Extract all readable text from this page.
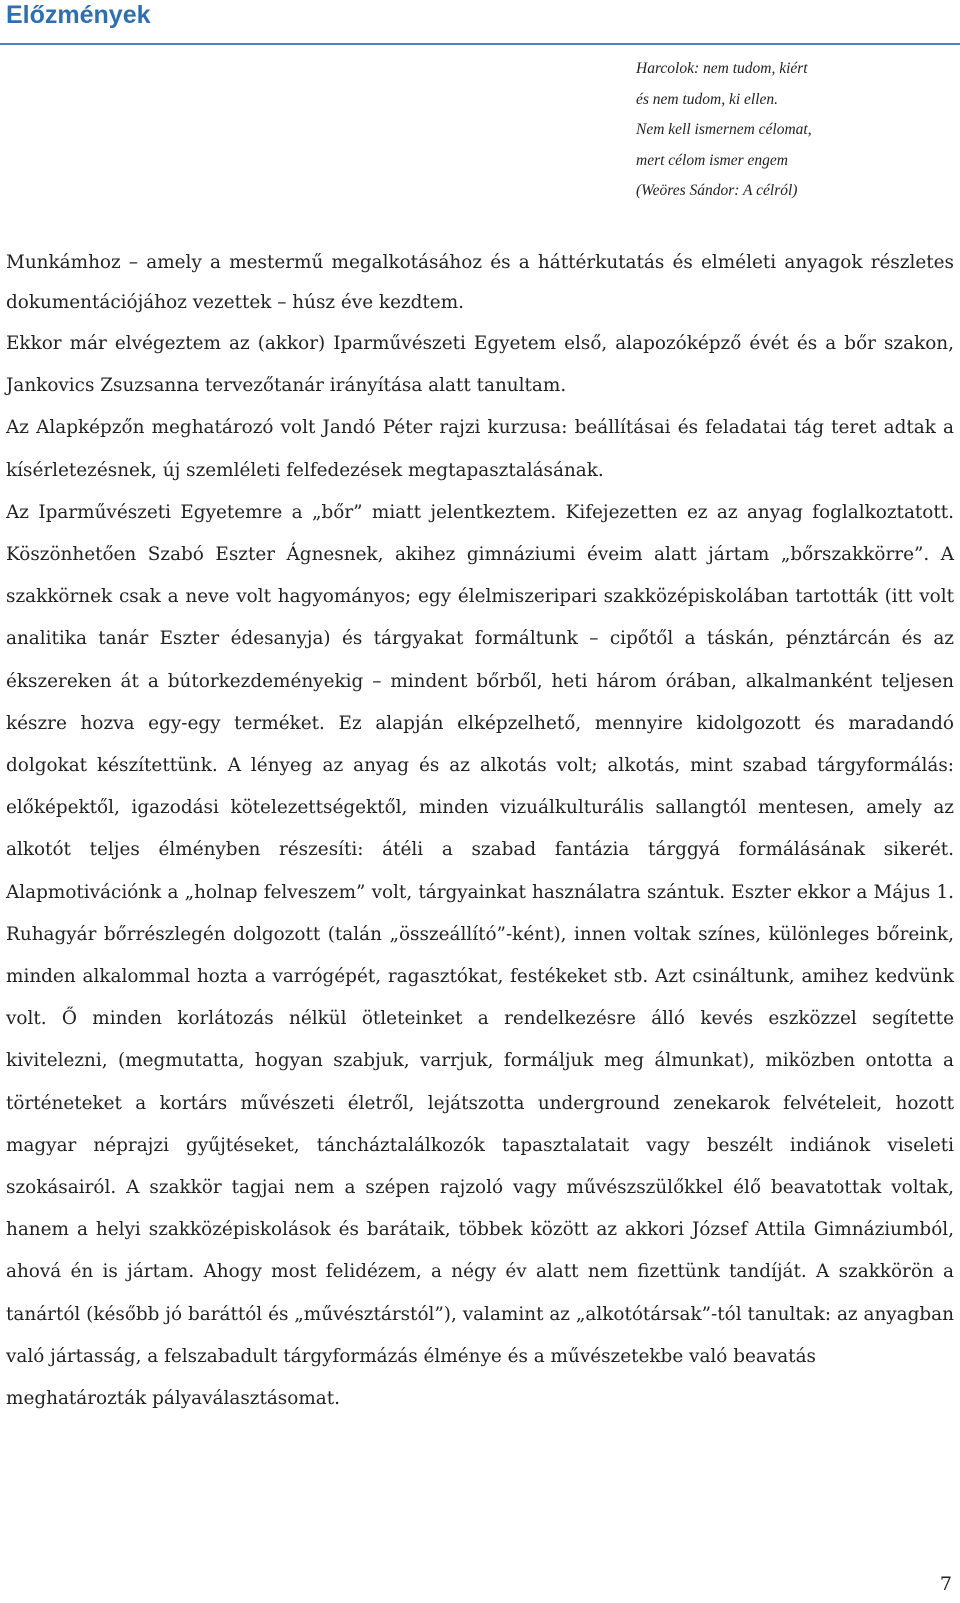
Előzmények
Harcolok: nem tudom, kiért
és nem tudom, ki ellen.
Nem kell ismernem célomat,
mert célom ismer engem
(Weöres Sándor: A célról)

Munkámhoz – amely a mestermű megalkotásához és a háttérkutatás és elméleti anyagok részletes dokumentációjához vezettek – húsz éve kezdtem.

Ekkor már elvégeztem az (akkor) Iparművészeti Egyetem első, alapozóképző évét és a bőr szakon, Jankovics Zsuzsanna tervezőtanár irányítása alatt tanultam.

Az Alapképzőn meghatározó volt Jandó Péter rajzi kurzusa: beállításai és feladatai tág teret adtak a kísérletezésnek, új szemléleti felfedezések megtapasztalásának.

Az Iparművészeti Egyetemre a „bőr” miatt jelentkeztem. Kifejezetten ez az anyag foglalkoztatott. Köszönhetően Szabó Eszter Ágnesnek, akihez gimnáziumi éveim alatt jártam „bőrszakkörre”. A szakkörnek csak a neve volt hagyományos; egy élelmiszeripari szakközépiskolában tartották (itt volt analitika tanár Eszter édesanyja) és tárgyakat formáltunk – cipőtől a táskán, pénztárcán és az ékszereken át a bútorkezdeményekig – mindent bőrből, heti három órában, alkalmanként teljesen készre hozva egy-egy terméket. Ez alapján elképzelhető, mennyire kidolgozott és maradandó dolgokat készítettünk. A lényeg az anyag és az alkotás volt; alkotás, mint szabad tárgyformálás: előképektől, igazodási kötelezettségektől, minden vizuálkulturális sallangtól mentesen, amely az alkotót teljes élményben részesíti: átéli a szabad fantázia tárggyá formálásának sikerét. Alapmotivációnk a „holnap felveszem” volt, tárgyainkat használatra szántuk. Eszter ekkor a Május 1. Ruhagyár bőrrészlegén dolgozott (talán „összeállító”-ként), innen voltak színes, különleges bőreink, minden alkalommal hozta a varrógépét, ragasztókat, festékeket stb. Azt csináltunk, amihez kedvünk volt. Ő minden korlátozás nélkül ötleteinket a rendelkezésre álló kevés eszközzel segítette kivitelezni, (megmutatta, hogyan szabjuk, varrjuk, formáljuk meg álmunkat), miközben ontotta a történeteket a kortárs művészeti életről, lejátszotta underground zenekarok felvételeit, hozott magyar néprajzi gyűjtéseket, táncháztalálkozók tapasztalatait vagy beszélt indiánok viseleti szokásairól. A szakkör tagjai nem a szépen rajzoló vagy művészszülőkkel élő beavatottak voltak, hanem a helyi szakközépiskolások és barátaik, többek között az akkori József Attila Gimnáziumból, ahová én is jártam. Ahogy most felidézem, a négy év alatt nem fizettünk tandíját. A szakkörön a tanártól (később jó baráttól és „művésztárstól”), valamint az „alkotótársak”-tól tanultak: az anyagban való jártasság, a felszabadult tárgyformázás élménye és a művészetekbe való beavatás

meghatározták pályaválasztásomat.

7
